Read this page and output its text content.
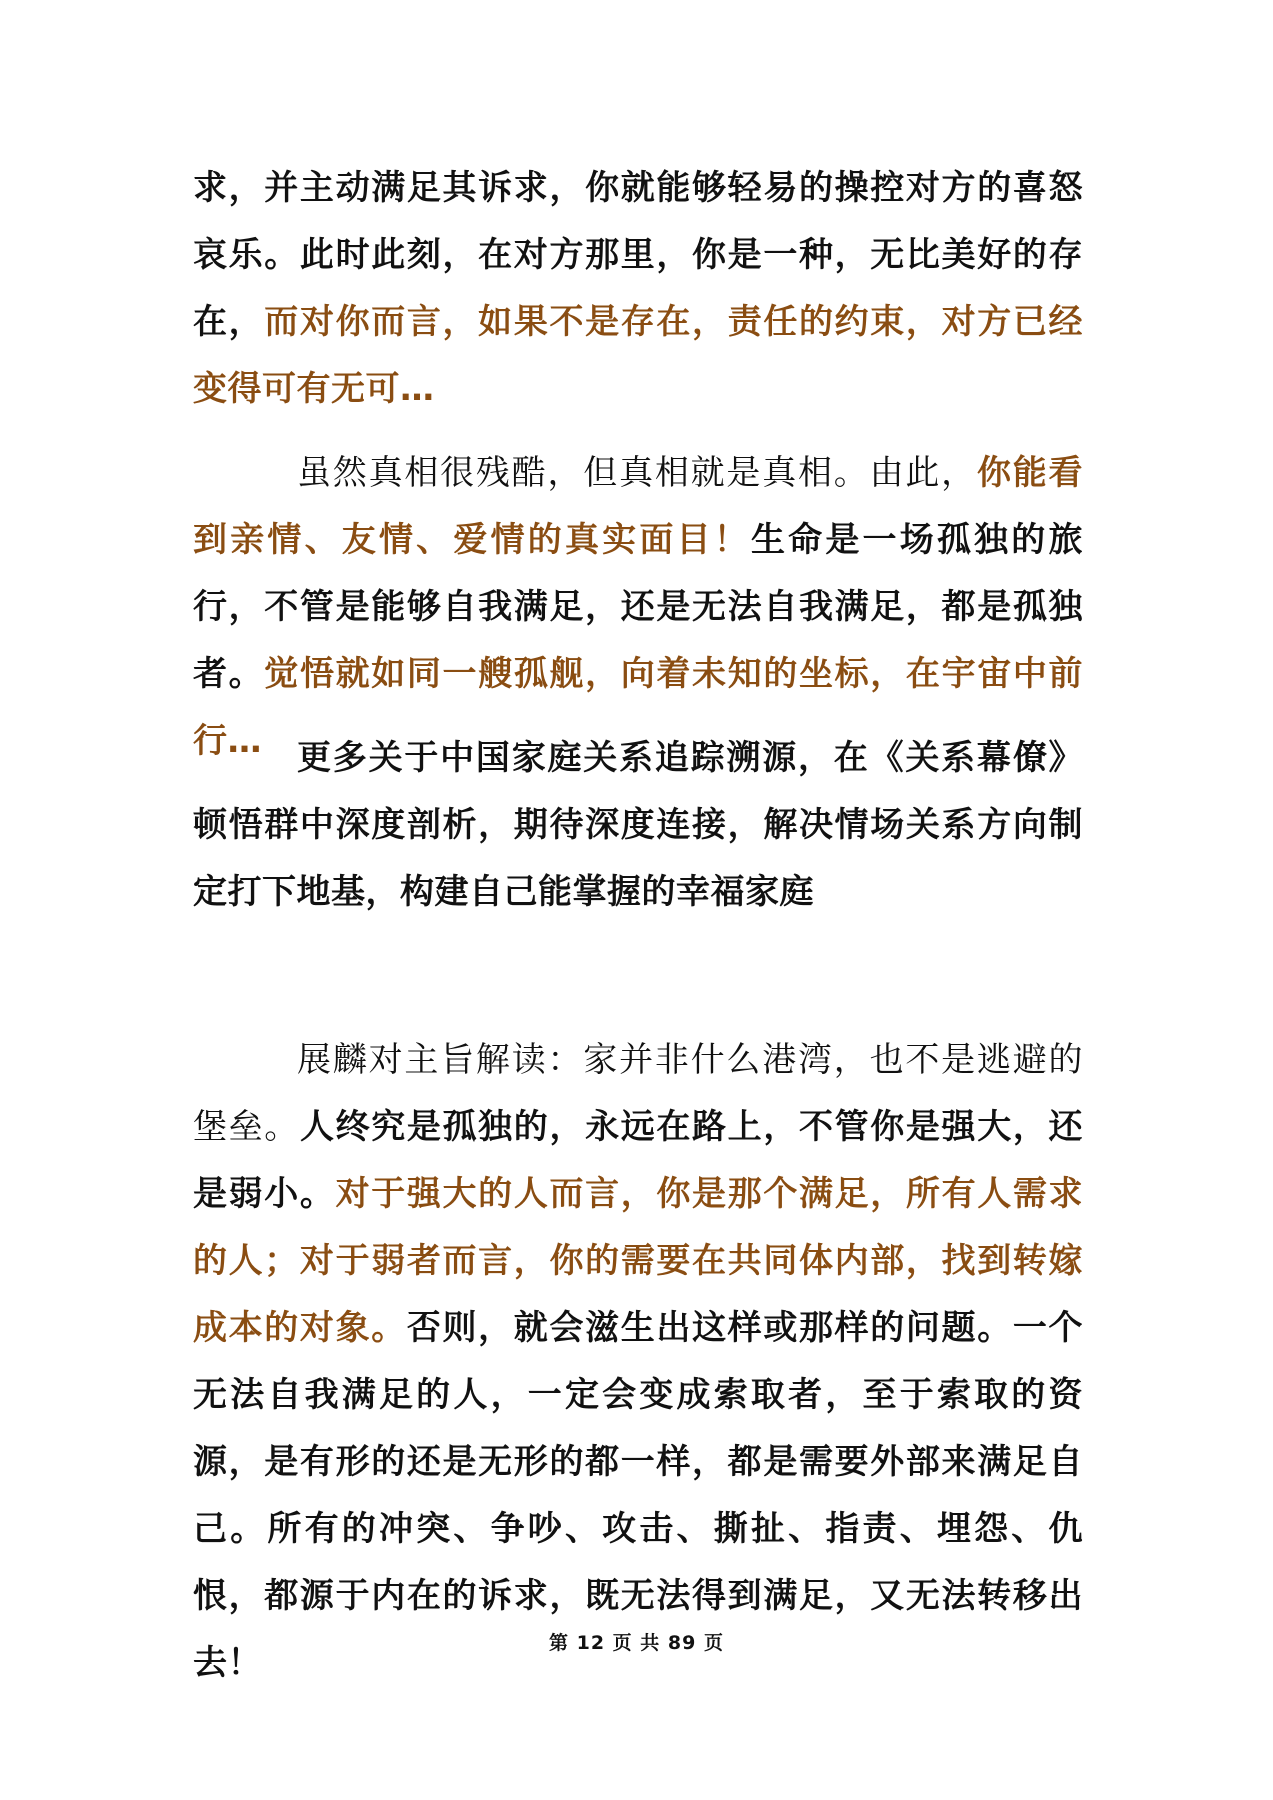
求，并主动满足其诉求，你就能够轻易的操控对方的喜怒哀乐。此时此刻，在对方那里，你是一种，无比美好的存在，而对你而言，如果不是存在，责任的约束，对方已经变得可有无可…

虽然真相很残酷，但真相就是真相。由此，你能看到亲情、友情、爱情的真实面目！生命是一场孤独的旅行，不管是能够自我满足，还是无法自我满足，都是孤独者。觉悟就如同一艘孤舰，向着未知的坐标，在宇宙中前行…	更多关于中国家庭关系追踪溯源，在《关系幕僚》顿悟群中深度剖析，期待深度连接，解决情场关系方向制定打下地基，构建自己能掌握的幸福家庭

展麟对主旨解读：家并非什么港湾，也不是逃避的堡垒。人终究是孤独的，永远在路上，不管你是强大，还是弱小。对于强大的人而言，你是那个满足，所有人需求的人；对于弱者而言，你的需要在共同体内部，找到转嫁成本的对象。否则，就会滋生出这样或那样的问题。一个无法自我满足的人，一定会变成索取者，至于索取的资源，是有形的还是无形的都一样，都是需要外部来满足自己。所有的冲突、争吵、攻击、撕扯、指责、埋怨、仇恨，都源于内在的诉求，既无法得到满足，又无法转移出去！	第 12 页 共 89 页
